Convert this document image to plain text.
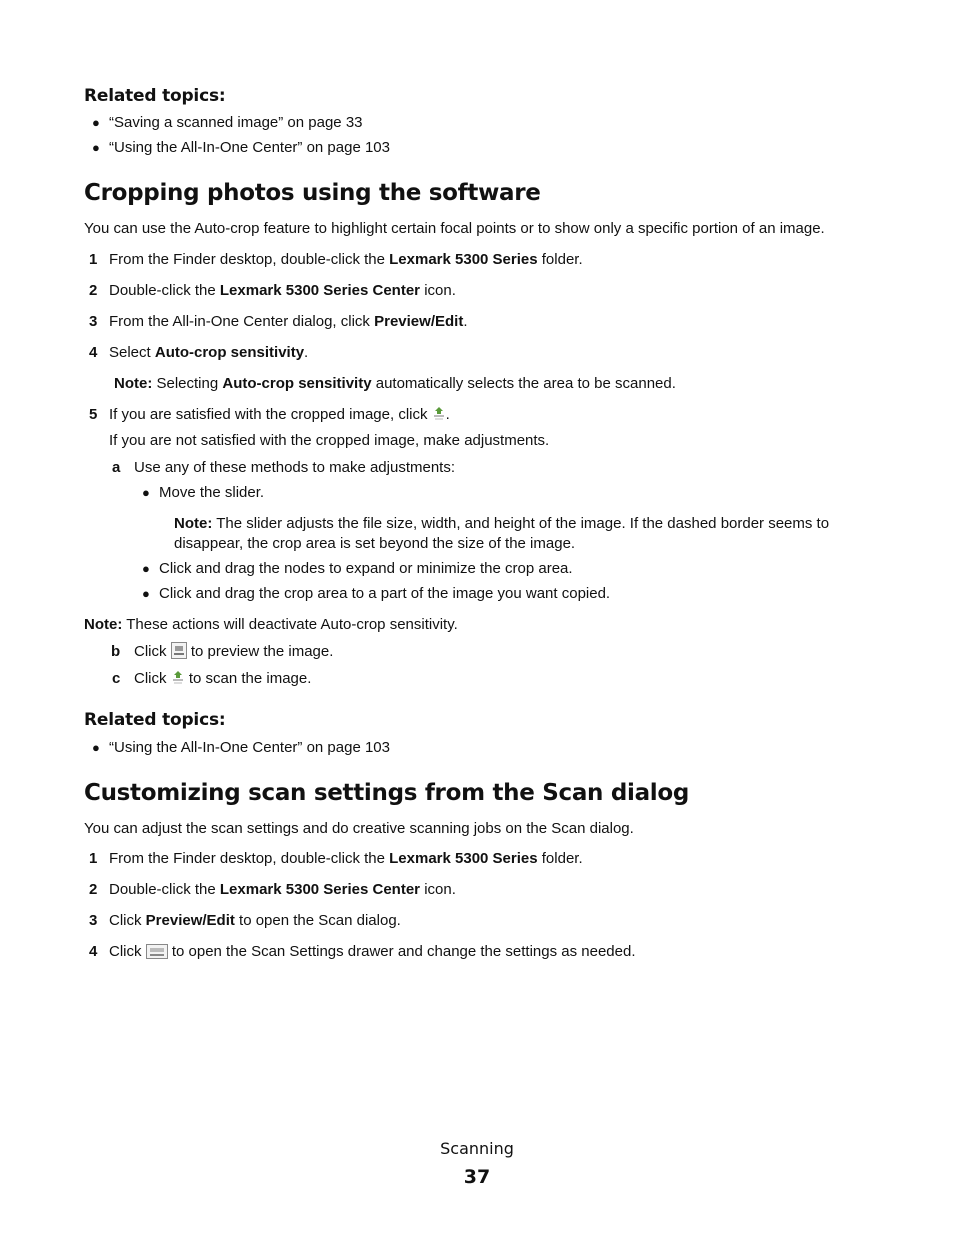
Related topics:
● “Saving a scanned image” on page 33
● “Using the All-In-One Center” on page 103
Cropping photos using the software
You can use the Auto-crop feature to highlight certain focal points or to show only a specific portion of an image.
1 From the Finder desktop, double-click the Lexmark 5300 Series folder.
2 Double-click the Lexmark 5300 Series Center icon.
3 From the All-in-One Center dialog, click Preview/Edit.
4 Select Auto-crop sensitivity.
Note: Selecting Auto-crop sensitivity automatically selects the area to be scanned.
5 If you are satisfied with the cropped image, click .
If you are not satisfied with the cropped image, make adjustments.
a Use any of these methods to make adjustments:
● Move the slider.
Note: The slider adjusts the file size, width, and height of the image. If the dashed border seems to
disappear, the crop area is set beyond the size of the image.
● Click and drag the nodes to expand or minimize the crop area.
● Click and drag the crop area to a part of the image you want copied.
Note: These actions will deactivate Auto-crop sensitivity.
b Click
to preview the image.
c Click  to scan the image.
Related topics:
● “Using the All-In-One Center” on page 103
Customizing scan settings from the Scan dialog
You can adjust the scan settings and do creative scanning jobs on the Scan dialog.
1 From the Finder desktop, double-click the Lexmark 5300 Series folder.
2 Double-click the Lexmark 5300 Series Center icon.
3 Click Preview/Edit to open the Scan dialog.
4 Click
to open the Scan Settings drawer and change the settings as needed.
Scanning
37
